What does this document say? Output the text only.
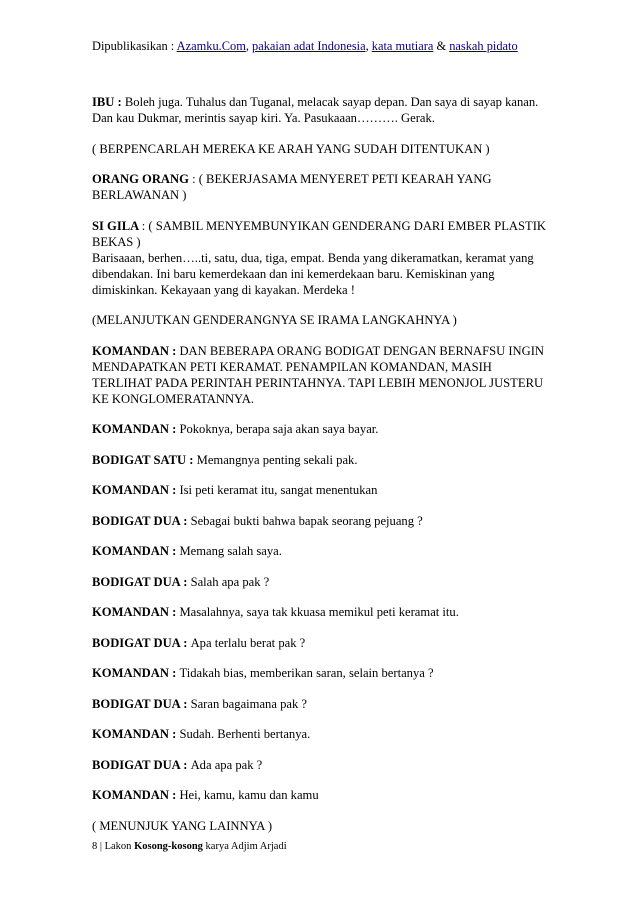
Dipublikasikan : Azamku.Com, pakaian adat Indonesia, kata mutiara & naskah pidato

IBU : Boleh juga. Tuhalus dan Tuganal, melacak sayap depan. Dan saya di sayap kanan. Dan kau Dukmar, merintis sayap kiri. Ya. Pasukaaan………. Gerak.

( BERPENCARLAH MEREKA KE ARAH YANG SUDAH DITENTUKAN )

ORANG ORANG : ( BEKERJASAMA MENYERET PETI KEARAH YANG BERLAWANAN )

SI GILA : ( SAMBIL MENYEMBUNYIKAN GENDERANG DARI EMBER PLASTIK BEKAS )

Barisaaan, berhen…..ti, satu, dua, tiga, empat. Benda yang dikeramatkan, keramat yang dibendakan. Ini baru kemerdekaan dan ini kemerdekaan baru. Kemiskinan yang dimiskinkan. Kekayaan yang di kayakan. Merdeka !

(MELANJUTKAN GENDERANGNYA SE IRAMA LANGKAHNYA )

KOMANDAN : DAN BEBERAPA ORANG BODIGAT DENGAN BERNAFSU INGIN MENDAPATKAN PETI KERAMAT. PENAMPILAN KOMANDAN, MASIH TERLIHAT PADA PERINTAH PERINTAHNYA. TAPI LEBIH MENONJOL JUSTERU KE KONGLOMERATANNYA.

KOMANDAN : Pokoknya, berapa saja akan saya bayar.

BODIGAT SATU : Memangnya penting sekali pak.

KOMANDAN : Isi peti keramat itu, sangat menentukan

BODIGAT DUA : Sebagai bukti bahwa bapak seorang pejuang ?

KOMANDAN : Memang salah saya.

BODIGAT DUA : Salah apa pak ?

KOMANDAN : Masalahnya, saya tak kkuasa memikul peti keramat itu.

BODIGAT DUA : Apa terlalu berat pak ?

KOMANDAN : Tidakah bias, memberikan saran, selain bertanya ?

BODIGAT DUA : Saran bagaimana pak ?

KOMANDAN : Sudah. Berhenti bertanya.

BODIGAT DUA : Ada apa pak ?

KOMANDAN : Hei, kamu, kamu dan kamu

( MENUNJUK YANG LAINNYA )

8 | Lakon Kosong-kosong karya Adjim Arjadi
